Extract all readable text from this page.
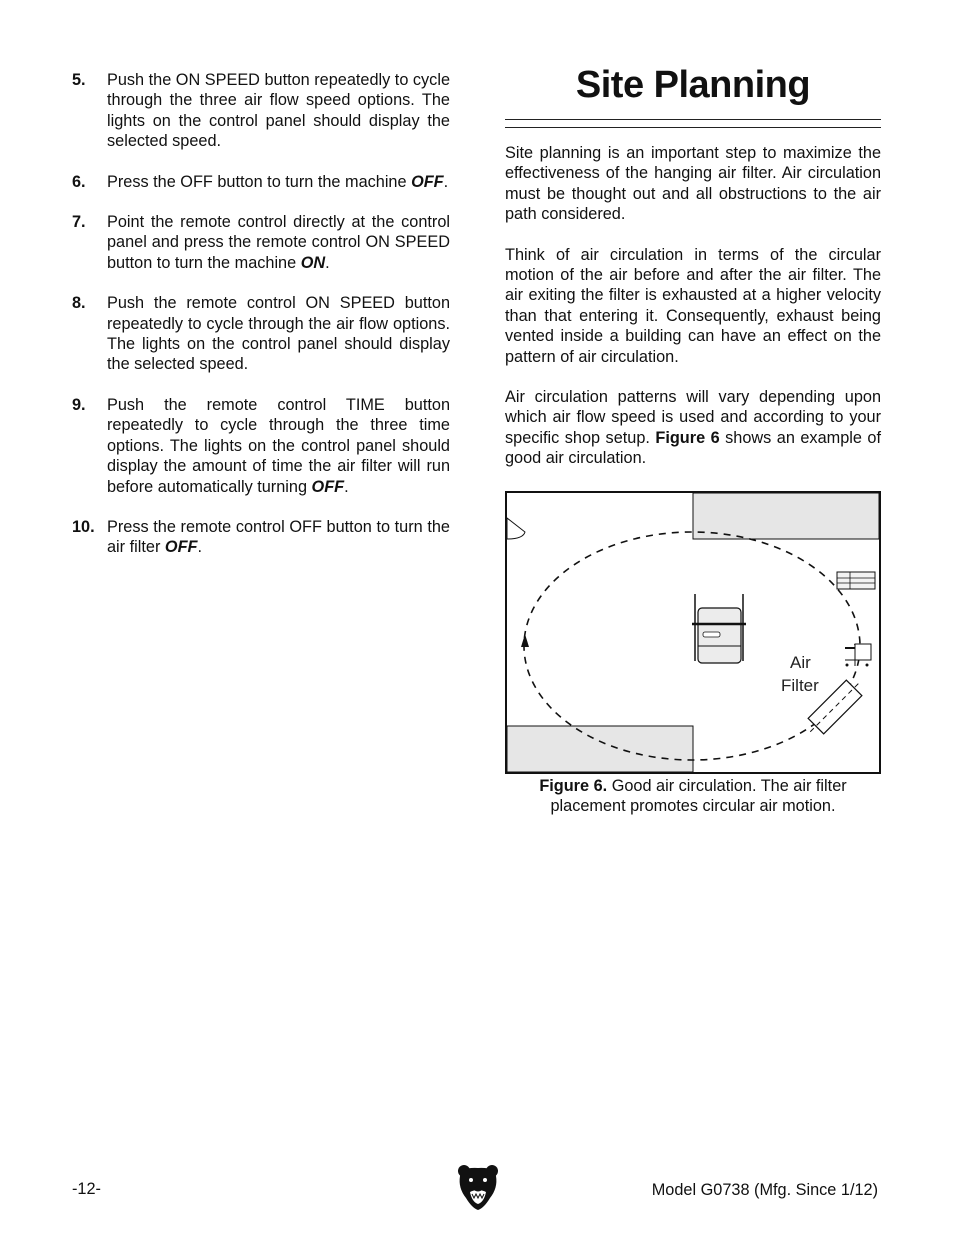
5. Push the ON SPEED button repeatedly to cycle through the three air flow speed options. The lights on the control panel should display the selected speed.
6. Press the OFF button to turn the machine OFF.
7. Point the remote control directly at the control panel and press the remote control ON SPEED button to turn the machine ON.
8. Push the remote control ON SPEED button repeatedly to cycle through the air flow options. The lights on the control panel should display the selected speed.
9. Push the remote control TIME button repeatedly to cycle through the three time options. The lights on the control panel should display the amount of time the air filter will run before automatically turning OFF.
10. Press the remote control OFF button to turn the air filter OFF.
Site Planning

Site planning is an important step to maximize the effectiveness of the hanging air filter. Air circulation must be thought out and all obstructions to the air path considered.

Think of air circulation in terms of the circular motion of the air before and after the air filter. The air exiting the filter is exhausted at a higher velocity than that entering it. Consequently, exhaust being vented inside a building can have an effect on the pattern of air circulation.

Air circulation patterns will vary depending upon which air flow speed is used and according to your specific shop setup. Figure 6 shows an example of good air circulation.

Air
Filter
Figure 6. Good air circulation. The air filter placement promotes circular air motion.
-12-	Model G0738 (Mfg. Since 1/12)
